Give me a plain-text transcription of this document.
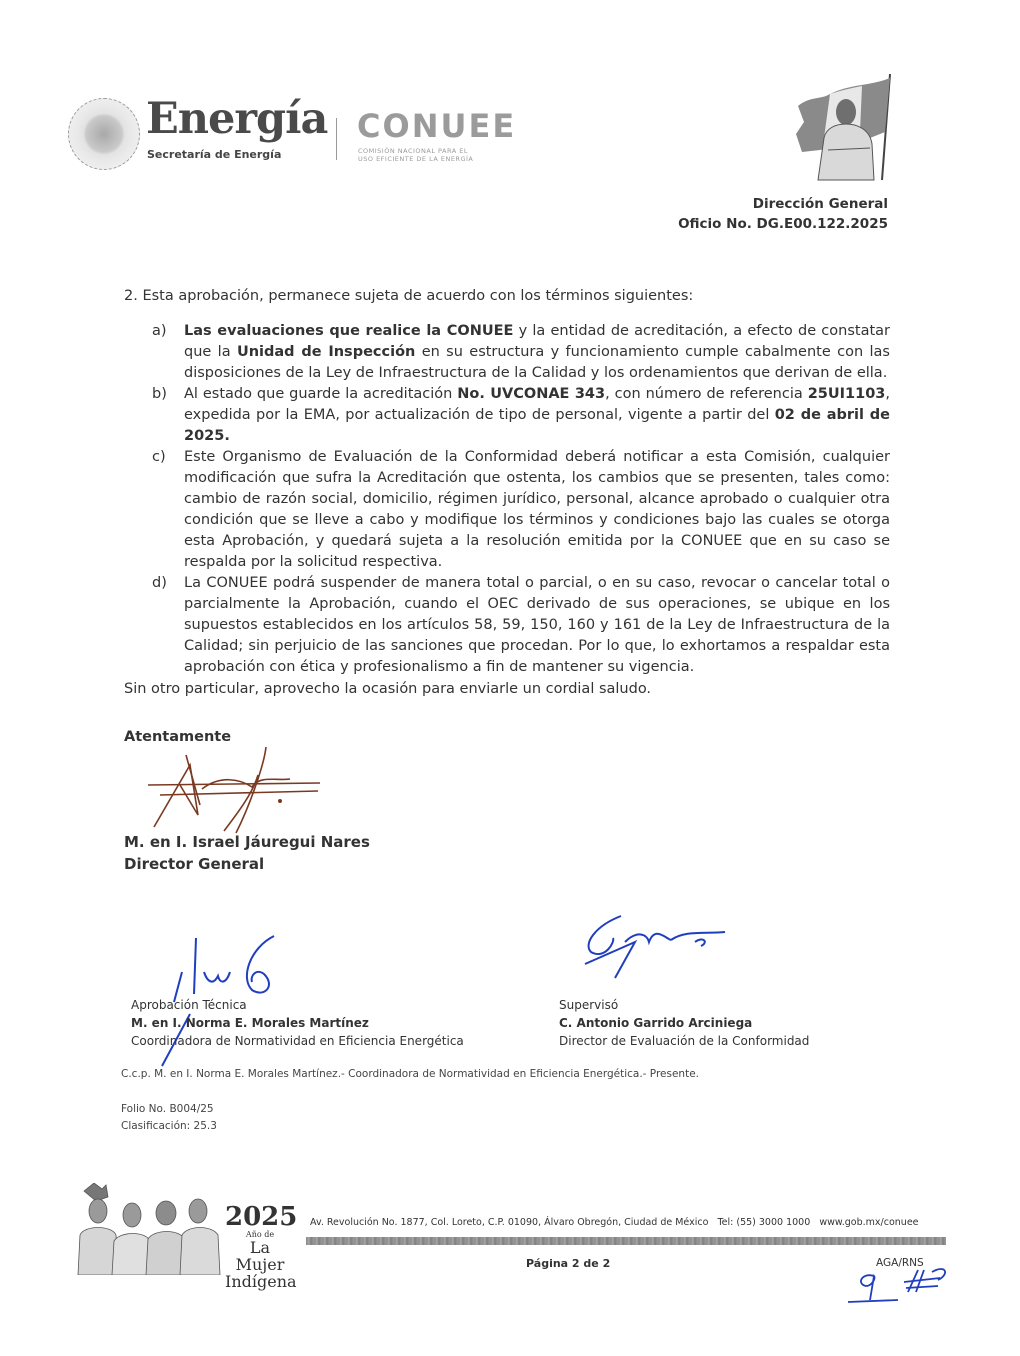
Energía
Secretaría de Energía
CONUEE
COMISIÓN NACIONAL PARA EL
USO EFICIENTE DE LA ENERGÍA
Dirección General
Oficio No. DG.E00.122.2025
2. Esta aprobación, permanece sujeta de acuerdo con los términos siguientes:
a)	Las evaluaciones que realice la CONUEE y la entidad de acreditación, a efecto de constatar que la Unidad de Inspección en su estructura y funcionamiento cumple cabalmente con las disposiciones de la Ley de Infraestructura de la Calidad y los ordenamientos que derivan de ella.
b)	Al estado que guarde la acreditación No. UVCONAE 343, con número de referencia 25UI1103, expedida por la EMA, por actualización de tipo de personal, vigente a partir del 02 de abril de 2025.
c)	Este Organismo de Evaluación de la Conformidad deberá notificar a esta Comisión, cualquier modificación que sufra la Acreditación que ostenta, los cambios que se presenten, tales como: cambio de razón social, domicilio, régimen jurídico, personal, alcance aprobado o cualquier otra condición que se lleve a cabo y modifique los términos y condiciones bajo las cuales se otorga esta Aprobación, y quedará sujeta a la resolución emitida por la CONUEE que en su caso se respalda por la solicitud respectiva.
d)	La CONUEE podrá suspender de manera total o parcial, o en su caso, revocar o cancelar total o parcialmente la Aprobación, cuando el OEC derivado de sus operaciones, se ubique en los supuestos establecidos en los artículos 58, 59, 150, 160 y 161 de la Ley de Infraestructura de la Calidad; sin perjuicio de las sanciones que procedan. Por lo que, lo exhortamos a respaldar esta aprobación con ética y profesionalismo a fin de mantener su vigencia.
Sin otro particular, aprovecho la ocasión para enviarle un cordial saludo.
Atentamente
M. en I. Israel Jáuregui Nares
Director General
Aprobación Técnica
M. en I. Norma E. Morales Martínez
Coordinadora de Normatividad en Eficiencia Energética
Supervisó
C. Antonio Garrido Arciniega
Director de Evaluación de la Conformidad
C.c.p. M. en I. Norma E. Morales Martínez.- Coordinadora de Normatividad en Eficiencia Energética.- Presente.
Folio No. B004/25
Clasificación: 25.3
2025
Año de
La Mujer
Indígena
Av. Revolución No. 1877, Col. Loreto, C.P. 01090, Álvaro Obregón, Ciudad de México   Tel: (55) 3000 1000   www.gob.mx/conuee
Página 2 de 2	AGA/RNS
